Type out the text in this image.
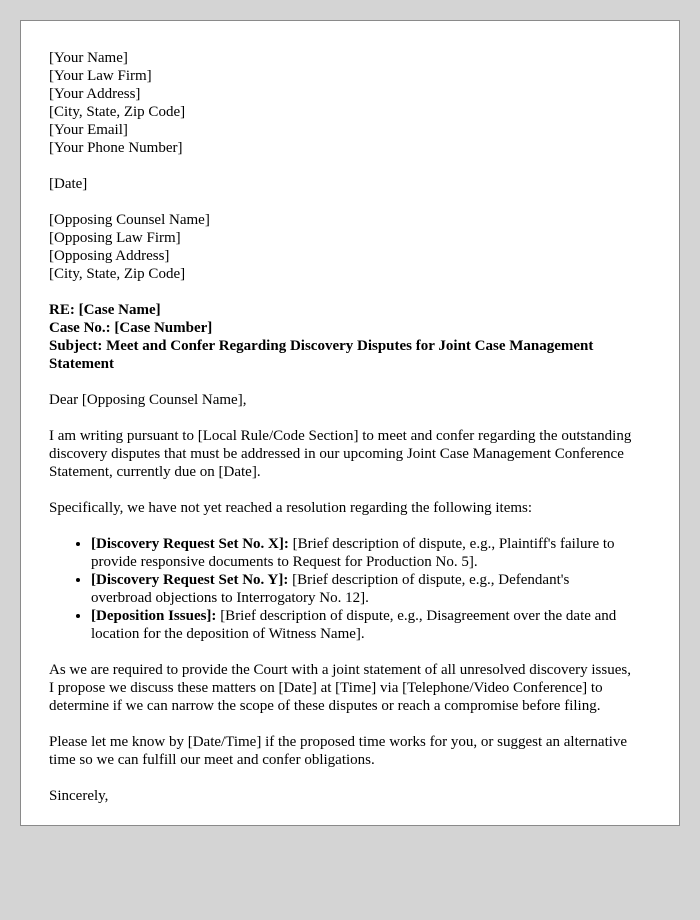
[Your Name]
[Your Law Firm]
[Your Address]
[City, State, Zip Code]
[Your Email]
[Your Phone Number]
[Date]
[Opposing Counsel Name]
[Opposing Law Firm]
[Opposing Address]
[City, State, Zip Code]
RE: [Case Name]
Case No.: [Case Number]
Subject: Meet and Confer Regarding Discovery Disputes for Joint Case Management Statement

Dear [Opposing Counsel Name],

I am writing pursuant to [Local Rule/Code Section] to meet and confer regarding the outstanding discovery disputes that must be addressed in our upcoming Joint Case Management Conference Statement, currently due on [Date].

Specifically, we have not yet reached a resolution regarding the following items:

• [Discovery Request Set No. X]: [Brief description of dispute, e.g., Plaintiff's failure to provide responsive documents to Request for Production No. 5].
• [Discovery Request Set No. Y]: [Brief description of dispute, e.g., Defendant's overbroad objections to Interrogatory No. 12].
• [Deposition Issues]: [Brief description of dispute, e.g., Disagreement over the date and location for the deposition of Witness Name].

As we are required to provide the Court with a joint statement of all unresolved discovery issues, I propose we discuss these matters on [Date] at [Time] via [Telephone/Video Conference] to determine if we can narrow the scope of these disputes or reach a compromise before filing.

Please let me know by [Date/Time] if the proposed time works for you, or suggest an alternative time so we can fulfill our meet and confer obligations.

Sincerely,
